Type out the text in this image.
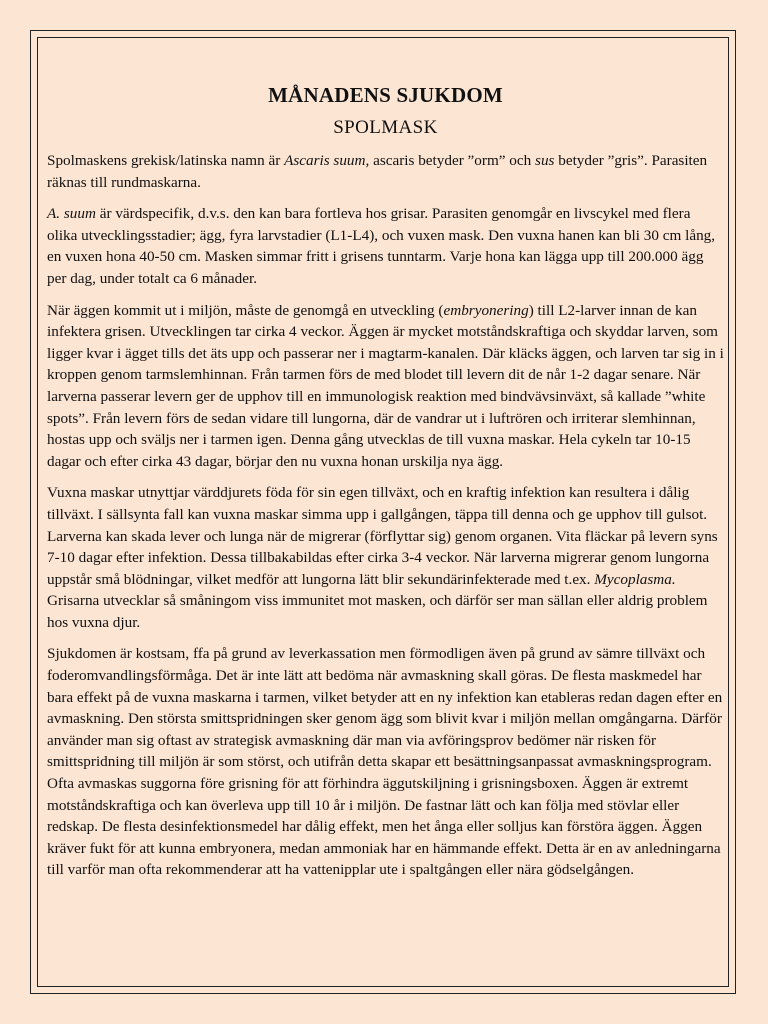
MÅNADENS SJUKDOM
SPOLMASK

Spolmaskens grekisk/latinska namn är Ascaris suum, ascaris betyder ”orm” och sus betyder ”gris”. Parasiten räknas till rundmaskarna.

A. suum är värdspecifik, d.v.s. den kan bara fortleva hos grisar. Parasiten genomgår en livscykel med flera olika utvecklingsstadier; ägg, fyra larvstadier (L1-L4), och vuxen mask. Den vuxna hanen kan bli 30 cm lång, en vuxen hona 40-50 cm. Masken simmar fritt i grisens tunntarm. Varje hona kan lägga upp till 200.000 ägg per dag, under totalt ca 6 månader.

När äggen kommit ut i miljön, måste de genomgå en utveckling (embryonering) till L2-larver innan de kan infektera grisen. Utvecklingen tar cirka 4 veckor. Äggen är mycket motståndskraftiga och skyddar larven, som ligger kvar i ägget tills det äts upp och passerar ner i magtarm-kanalen. Där kläcks äggen, och larven tar sig in i kroppen genom tarmslemhinnan. Från tarmen förs de med blodet till levern dit de når 1-2 dagar senare. När larverna passerar levern ger de upphov till en immunologisk reaktion med bindvävsinväxt, så kallade ”white spots”. Från levern förs de sedan vidare till lungorna, där de vandrar ut i luftrören och irriterar slemhinnan, hostas upp och sväljs ner i tarmen igen. Denna gång utvecklas de till vuxna maskar. Hela cykeln tar 10-15 dagar och efter cirka 43 dagar, börjar den nu vuxna honan urskilja nya ägg.

Vuxna maskar utnyttjar värddjurets föda för sin egen tillväxt, och en kraftig infektion kan resultera i dålig tillväxt. I sällsynta fall kan vuxna maskar simma upp i gallgången, täppa till denna och ge upphov till gulsot. Larverna kan skada lever och lunga när de migrerar (förflyttar sig) genom organen. Vita fläckar på levern syns 7-10 dagar efter infektion. Dessa tillbakabildas efter cirka 3-4 veckor. När larverna migrerar genom lungorna uppstår små blödningar, vilket medför att lungorna lätt blir sekundärinfekterade med t.ex. Mycoplasma. Grisarna utvecklar så småningom viss immunitet mot masken, och därför ser man sällan eller aldrig problem hos vuxna djur.

Sjukdomen är kostsam, ffa på grund av leverkassation men förmodligen även på grund av sämre tillväxt och foderomvandlingsförmåga. Det är inte lätt att bedöma när avmaskning skall göras. De flesta maskmedel har bara effekt på de vuxna maskarna i tarmen, vilket betyder att en ny infektion kan etableras redan dagen efter en avmaskning. Den största smittspridningen sker genom ägg som blivit kvar i miljön mellan omgångarna. Därför använder man sig oftast av strategisk avmaskning där man via avföringsprov bedömer när risken för smittspridning till miljön är som störst, och utifrån detta skapar ett besättningsanpassat avmaskningsprogram. Ofta avmaskas suggorna före grisning för att förhindra äggutskiljning i grisningsboxen. Äggen är extremt motståndskraftiga och kan överleva upp till 10 år i miljön. De fastnar lätt och kan följa med stövlar eller redskap. De flesta desinfektionsmedel har dålig effekt, men het ånga eller solljus kan förstöra äggen. Äggen kräver fukt för att kunna embryonera, medan ammoniak har en hämmande effekt. Detta är en av anledningarna till varför man ofta rekommenderar att ha vattenipplar ute i spaltgången eller nära gödselgången.
